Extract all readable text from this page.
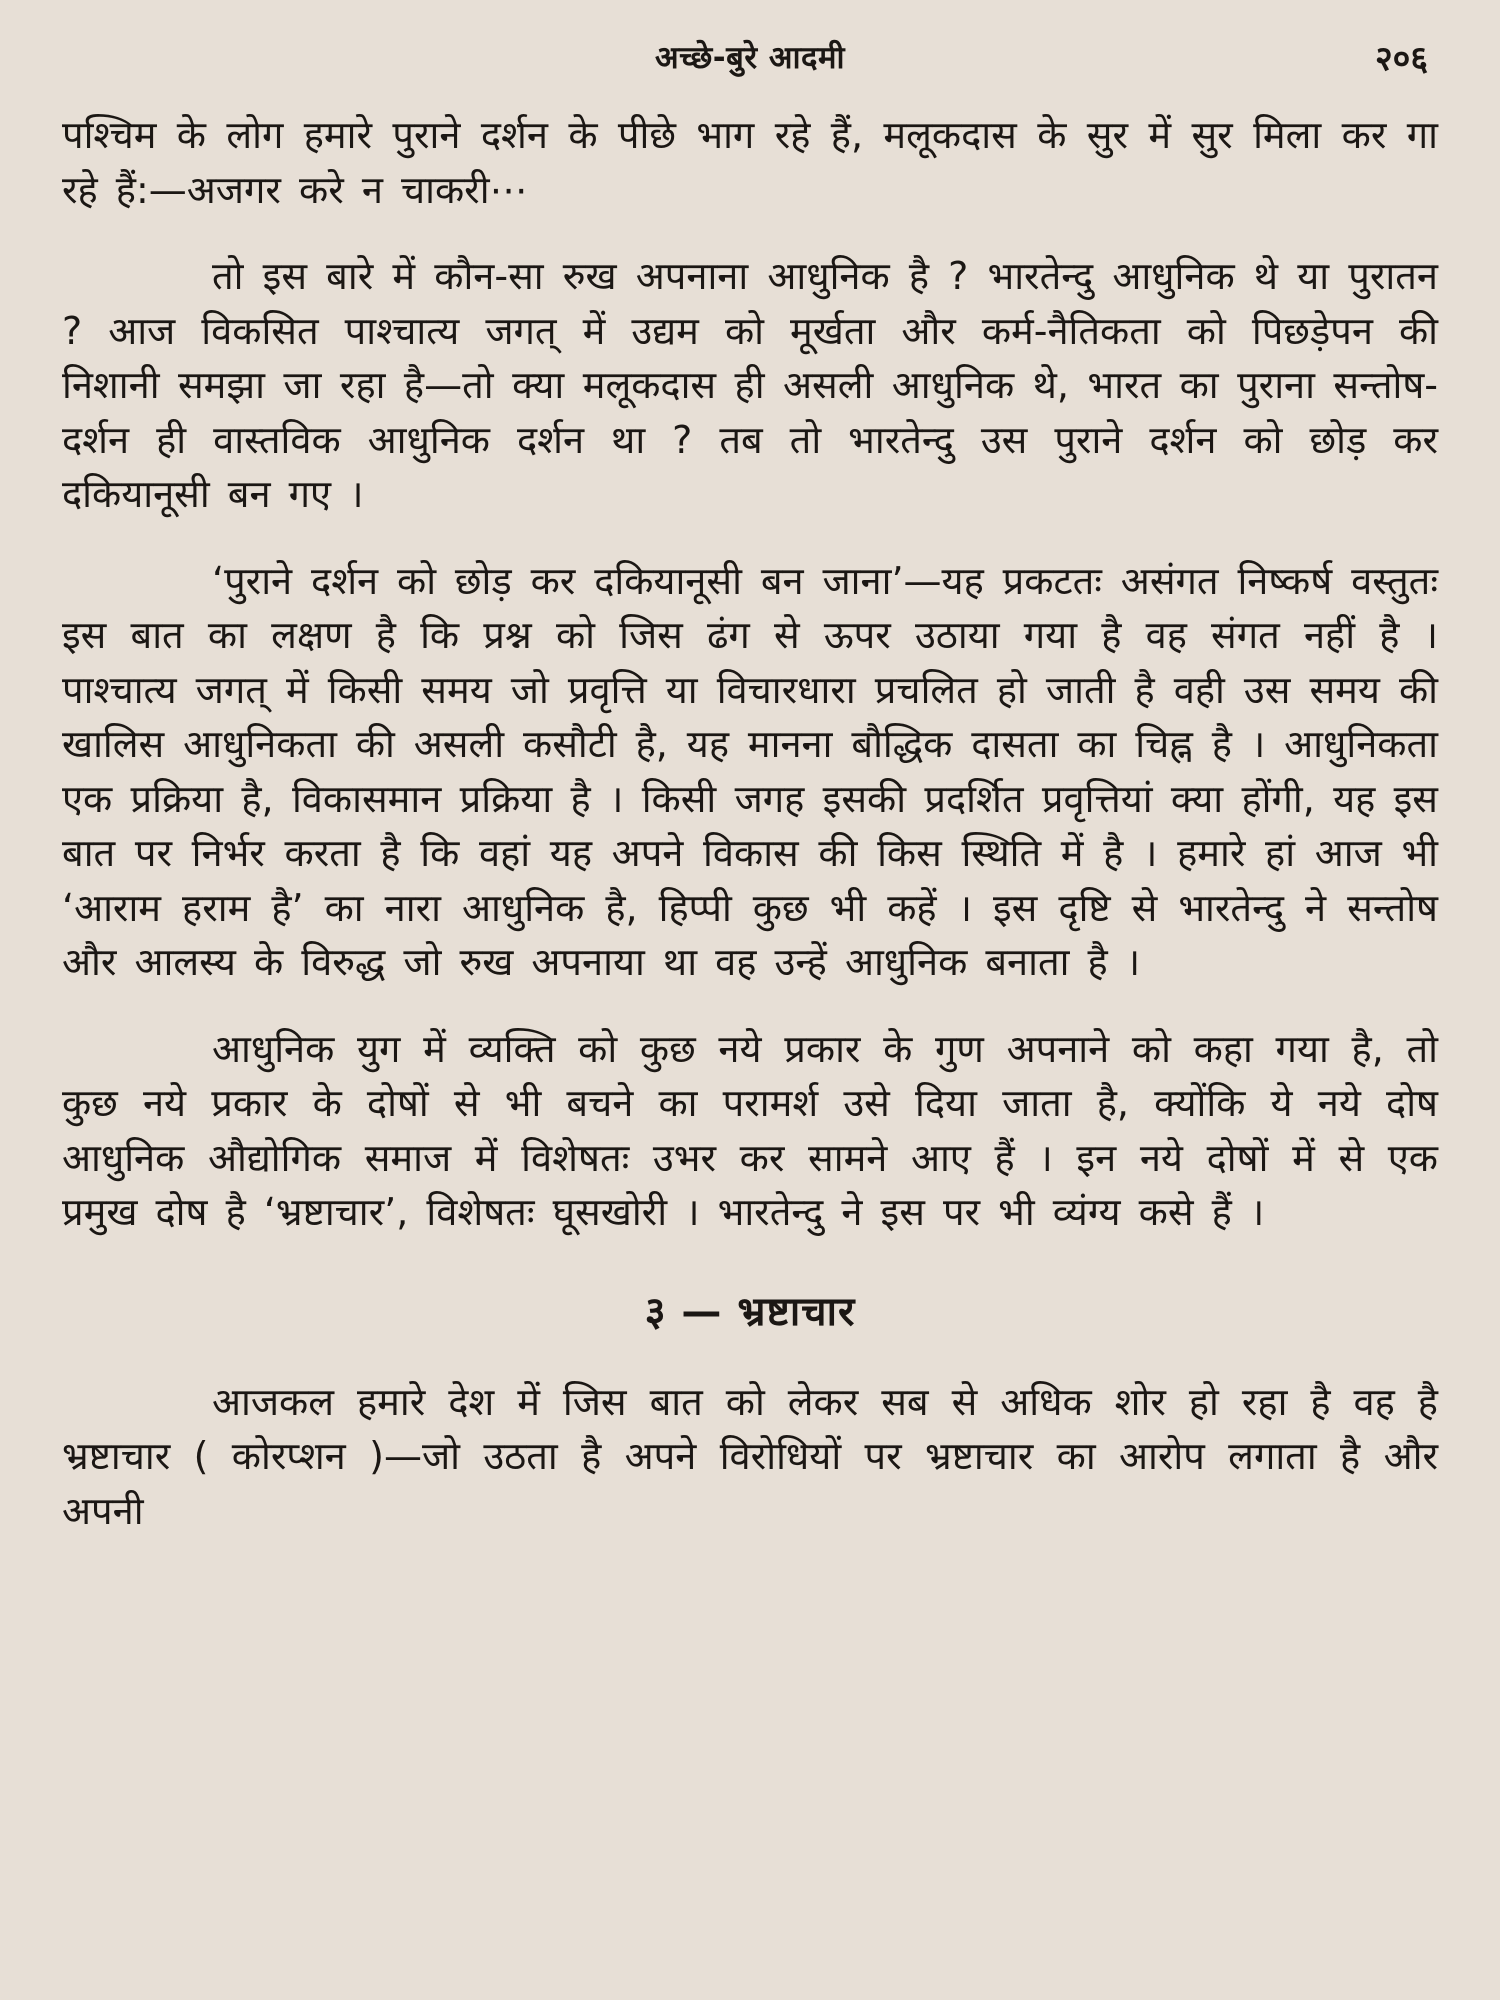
अच्छे-बुरे आदमी	२०६

पश्चिम के लोग हमारे पुराने दर्शन के पीछे भाग रहे हैं, मलूकदास के सुर में सुर मिला कर गा रहे हैं:—अजगर करे न चाकरी⋯

तो इस बारे में कौन-सा रुख अपनाना आधुनिक है ? भारतेन्दु आधुनिक थे या पुरातन ? आज विकसित पाश्चात्य जगत् में उद्यम को मूर्खता और कर्म-नैतिकता को पिछड़ेपन की निशानी समझा जा रहा है—तो क्या मलूकदास ही असली आधुनिक थे, भारत का पुराना सन्तोष-दर्शन ही वास्तविक आधुनिक दर्शन था ? तब तो भारतेन्दु उस पुराने दर्शन को छोड़ कर दकियानूसी बन गए ।

‘पुराने दर्शन को छोड़ कर दकियानूसी बन जाना’—यह प्रकटतः असंगत निष्कर्ष वस्तुतः इस बात का लक्षण है कि प्रश्न को जिस ढंग से ऊपर उठाया गया है वह संगत नहीं है । पाश्चात्य जगत् में किसी समय जो प्रवृत्ति या विचारधारा प्रचलित हो जाती है वही उस समय की खालिस आधुनिकता की असली कसौटी है, यह मानना बौद्धिक दासता का चिह्न है । आधुनिकता एक प्रक्रिया है, विकासमान प्रक्रिया है । किसी जगह इसकी प्रदर्शित प्रवृत्तियां क्या होंगी, यह इस बात पर निर्भर करता है कि वहां यह अपने विकास की किस स्थिति में है । हमारे हां आज भी ‘आराम हराम है’ का नारा आधुनिक है, हिप्पी कुछ भी कहें । इस दृष्टि से भारतेन्दु ने सन्तोष और आलस्य के विरुद्ध जो रुख अपनाया था वह उन्हें आधुनिक बनाता है ।

आधुनिक युग में व्यक्ति को कुछ नये प्रकार के गुण अपनाने को कहा गया है, तो कुछ नये प्रकार के दोषों से भी बचने का परामर्श उसे दिया जाता है, क्योंकि ये नये दोष आधुनिक औद्योगिक समाज में विशेषतः उभर कर सामने आए हैं । इन नये दोषों में से एक प्रमुख दोष है ‘भ्रष्टाचार’, विशेषतः घूसखोरी । भारतेन्दु ने इस पर भी व्यंग्य कसे हैं ।

३ — भ्रष्टाचार

आजकल हमारे देश में जिस बात को लेकर सब से अधिक शोर हो रहा है वह है भ्रष्टाचार ( कोरप्शन )—जो उठता है अपने विरोधियों पर भ्रष्टाचार का आरोप लगाता है और अपनी
